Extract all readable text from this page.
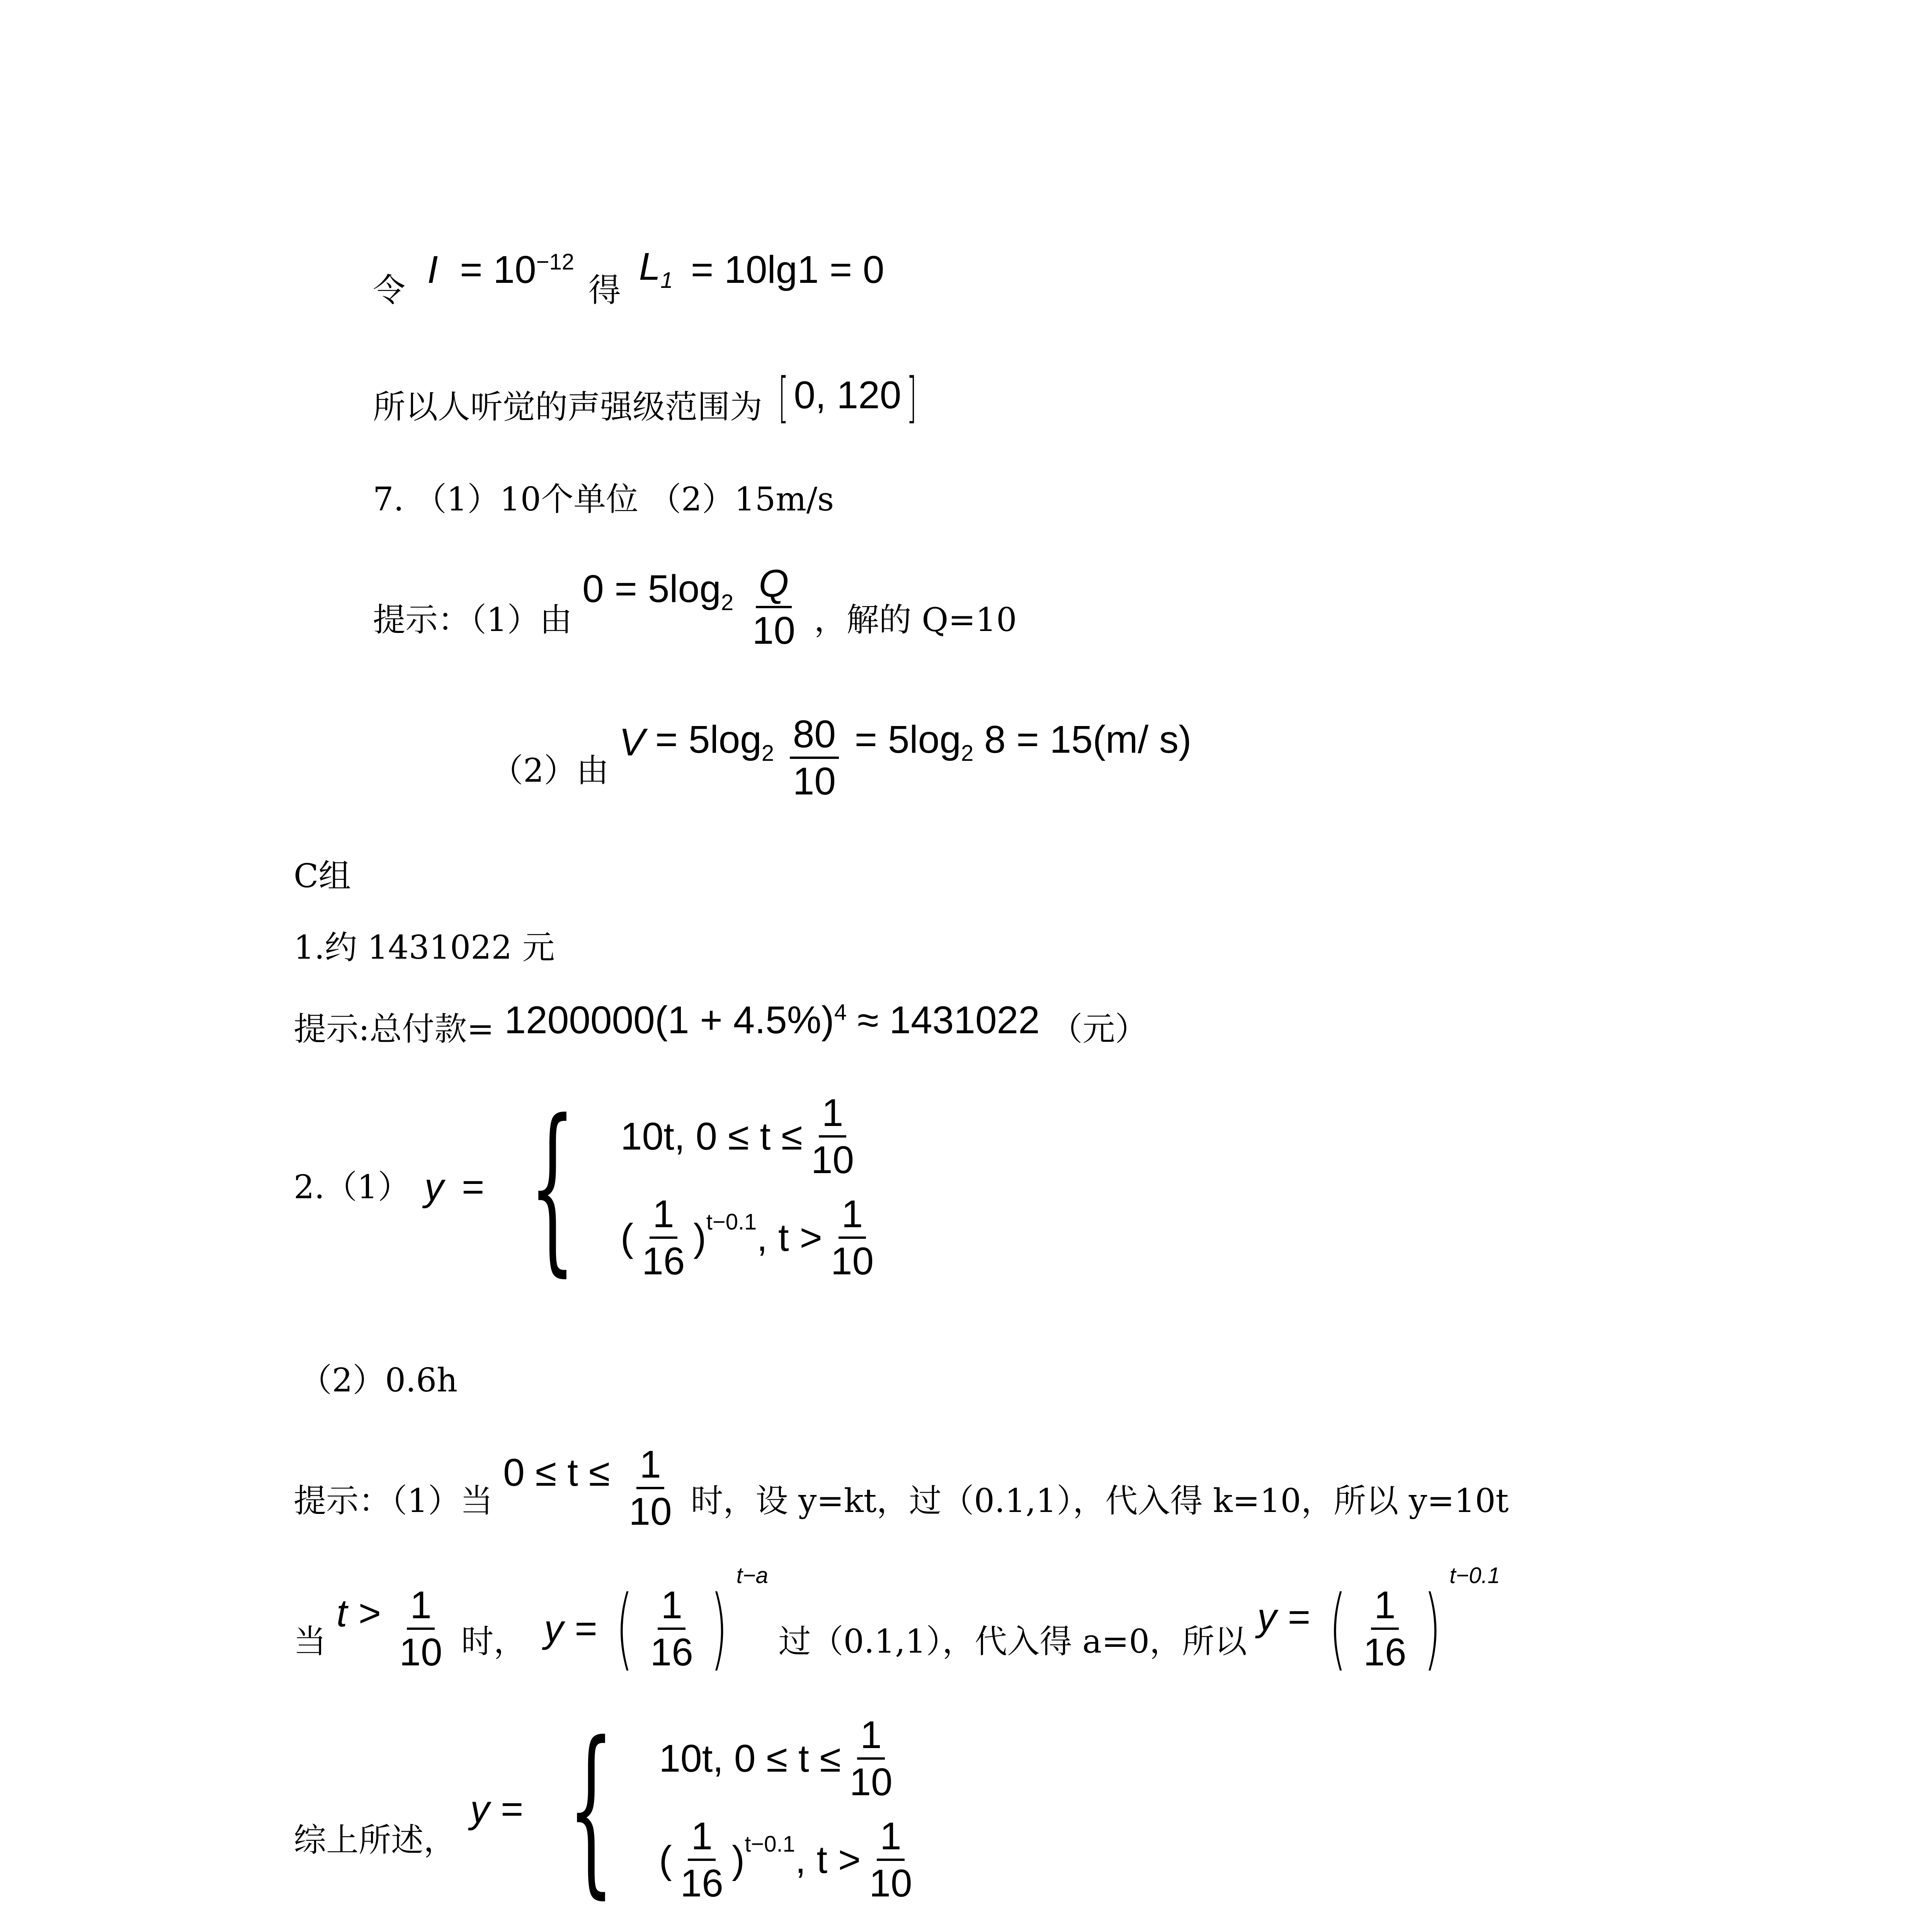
令 $I = 10^{-12}$ 得 $L_1 = 10\lg 1 = 0$
所以人听觉的声强级范围为 [ 0, 120]
7. （1）10个单位 （2）15m/s
提示：（1）由 $0 = 5\log_2 \frac{Q}{10}$ ，解的 Q=10
（2）由 $V = 5\log_2 \frac{80}{10} = 5\log_2$ 8 = 15(m/ s)
C组
1.约 1431022 元
提示:总付款= $1200000(1 + 4.5\%)^4 \approx 1431022$ （元）
2.（1） y = { 10t, $0 \le t \le \frac{1}{10}$
( $\frac{1}{16}$ ) t−0.1 , $t > \frac{1}{10}$
（2）0.6h
提示：（1）当 $0 \le t \le \frac{1}{10}$ 时，设 y=kt，过（0.1,1），代入得 k=10，所以 y=10t
当 $t > \frac{1}{10}$ 时， y = ( $\frac{1}{16} )^{t-a}$ 过（0.1,1），代入得 a=0，所以 y = ( $\frac{1}{16} )^{t-0.1}$
综上所述， y = { 10t, $0 \le t \le \frac{1}{10}$
( $\frac{1}{16}$ ) t−0.1 , $t > \frac{1}{10}$
